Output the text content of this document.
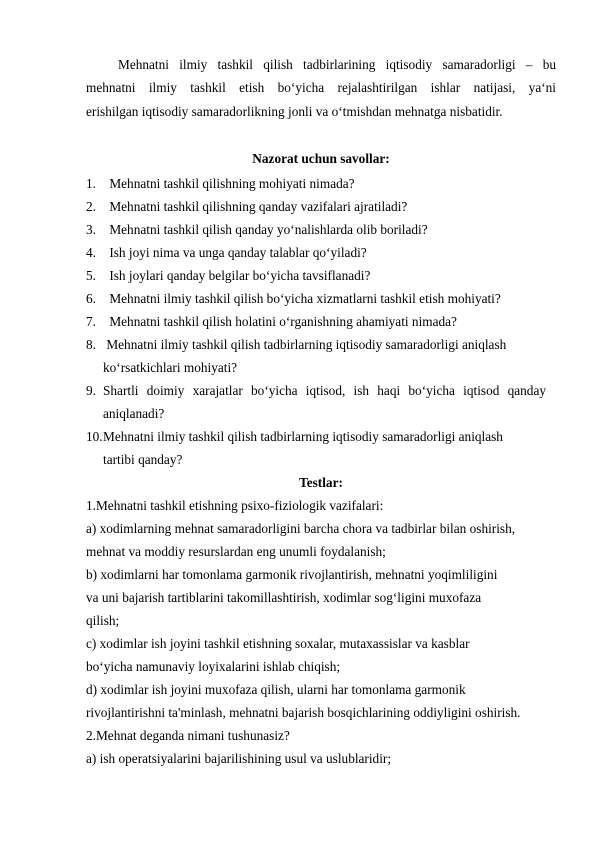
Mehnatni ilmiy tashkil qilish tadbirlarining iqtisodiy samaradorligi – bu
mehnatni ilmiy tashkil etish bo‘yicha rejalashtirilgan ishlar natijasi, ya‘ni
erishilgan iqtisodiy samaradorlikning jonli va o‘tmishdan mehnatga nisbatidir.
Nazorat uchun savollar:
1. Mehnatni tashkil qilishning mohiyati nimada?
2. Mehnatni tashkil qilishning qanday vazifalari ajratiladi?
3. Mehnatni tashkil qilish qanday yo‘nalishlarda olib boriladi?
4. Ish joyi nima va unga qanday talablar qo‘yiladi?
5. Ish joylari qanday belgilar bo‘yicha tavsiflanadi?
6. Mehnatni ilmiy tashkil qilish bo‘yicha xizmatlarni tashkil etish mohiyati?
7. Mehnatni tashkil qilish holatini o‘rganishning ahamiyati nimada?
8. Mehnatni ilmiy tashkil qilish tadbirlarning iqtisodiy samaradorligi aniqlash
ko‘rsatkichlari mohiyati?
9. Shartli doimiy xarajatlar bo‘yicha iqtisod, ish haqi bo‘yicha iqtisod qanday
aniqlanadi?
10.Mehnatni ilmiy tashkil qilish tadbirlarning iqtisodiy samaradorligi aniqlash
tartibi qanday?
Testlar:
1.Mehnatni tashkil etishning psixo-fiziologik vazifalari:
a) xodimlarning mehnat samaradorligini barcha chora va tadbirlar bilan oshirish,
mehnat va moddiy resurslardan eng unumli foydalanish;
b) xodimlarni har tomonlama garmonik rivojlantirish, mehnatni yoqimliligini
va uni bajarish tartiblarini takomillashtirish, xodimlar sog‘ligini muxofaza
qilish;
c) xodimlar ish joyini tashkil etishning soxalar, mutaxassislar va kasblar
bo‘yicha namunaviy loyixalarini ishlab chiqish;
d) xodimlar ish joyini muxofaza qilish, ularni har tomonlama garmonik
rivojlantirishni ta'minlash, mehnatni bajarish bosqichlarining oddiyligini oshirish.
2.Mehnat deganda nimani tushunasiz?
a) ish operatsiyalarini bajarilishining usul va uslublaridir;
